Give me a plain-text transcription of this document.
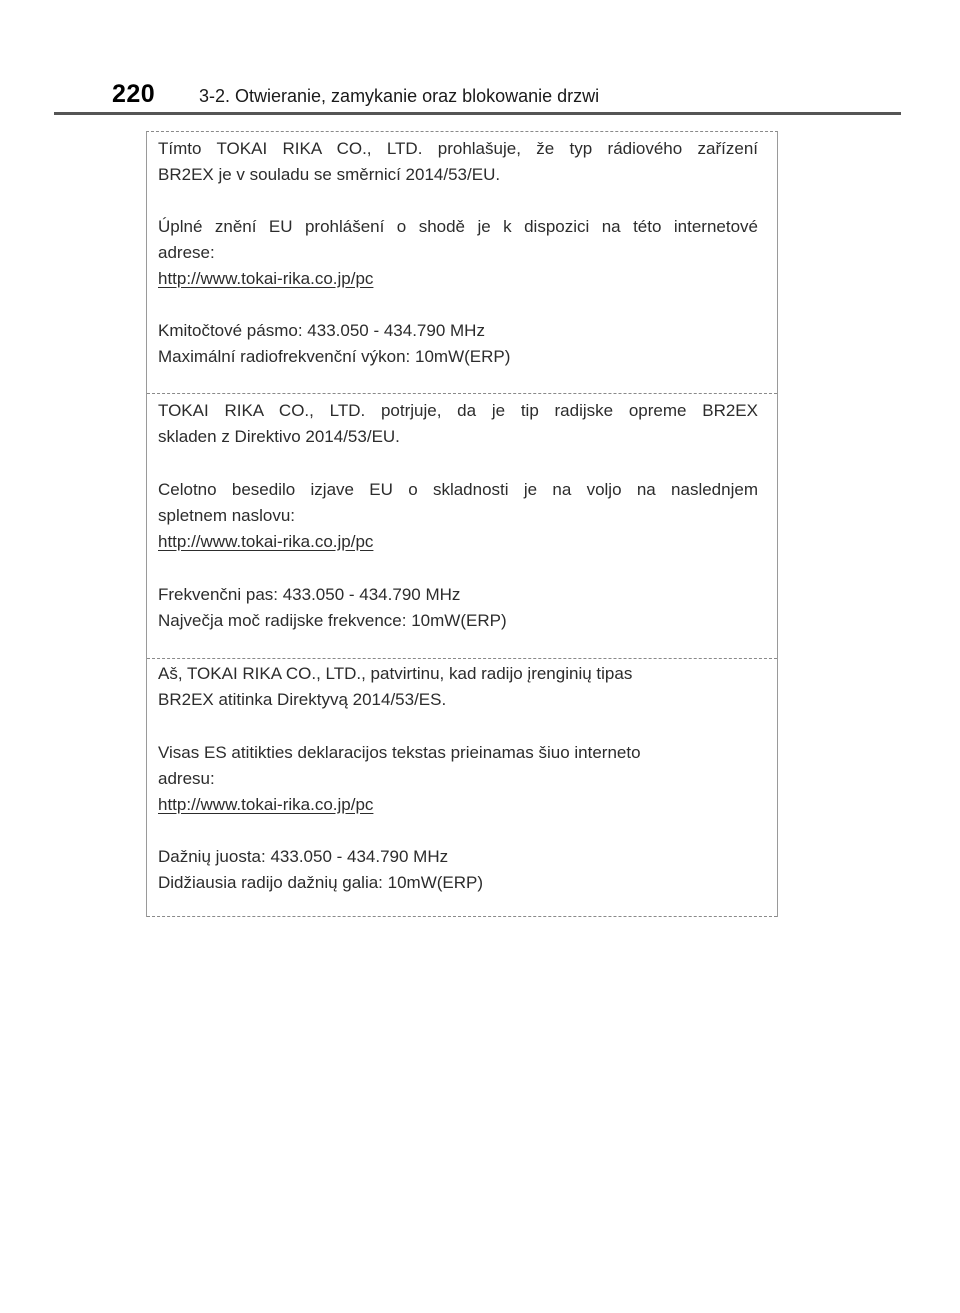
220 3-2. Otwieranie, zamykanie oraz blokowanie drzwi

Tímto TOKAI RIKA CO., LTD. prohlašuje, že typ rádiového zařízení
BR2EX je v souladu se směrnicí 2014/53/EU.

Úplné znění EU prohlášení o shodě je k dispozici na této internetové
adrese:
http://www.tokai-rika.co.jp/pc

Kmitočtové pásmo: 433.050 - 434.790 MHz
Maximální radiofrekvenční výkon: 10mW(ERP)

TOKAI RIKA CO., LTD. potrjuje, da je tip radijske opreme BR2EX
skladen z Direktivo 2014/53/EU.

Celotno besedilo izjave EU o skladnosti je na voljo na naslednjem
spletnem naslovu:
http://www.tokai-rika.co.jp/pc

Frekvenčni pas: 433.050 - 434.790 MHz
Največja moč radijske frekvence: 10mW(ERP)

Aš, TOKAI RIKA CO., LTD., patvirtinu, kad radijo įrenginių tipas
BR2EX atitinka Direktyvą 2014/53/ES.

Visas ES atitikties deklaracijos tekstas prieinamas šiuo interneto
adresu:
http://www.tokai-rika.co.jp/pc

Dažnių juosta: 433.050 - 434.790 MHz
Didžiausia radijo dažnių galia: 10mW(ERP)
